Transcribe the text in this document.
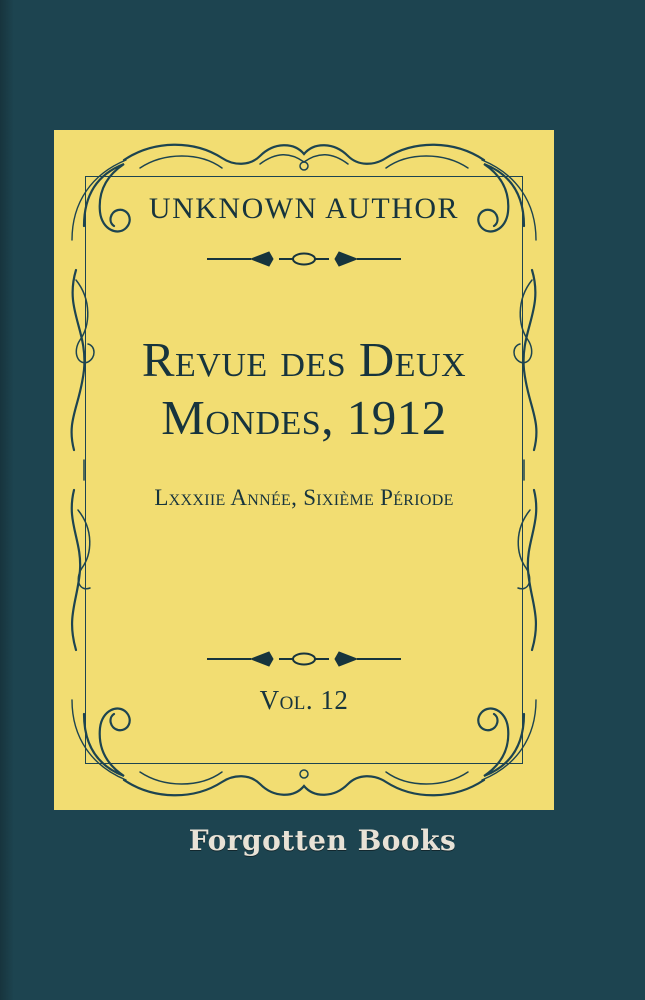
UNKNOWN AUTHOR
Revue des Deux
Mondes, 1912
Lxxxiie Année, Sixième Période
Vol. 12
Forgotten Books
